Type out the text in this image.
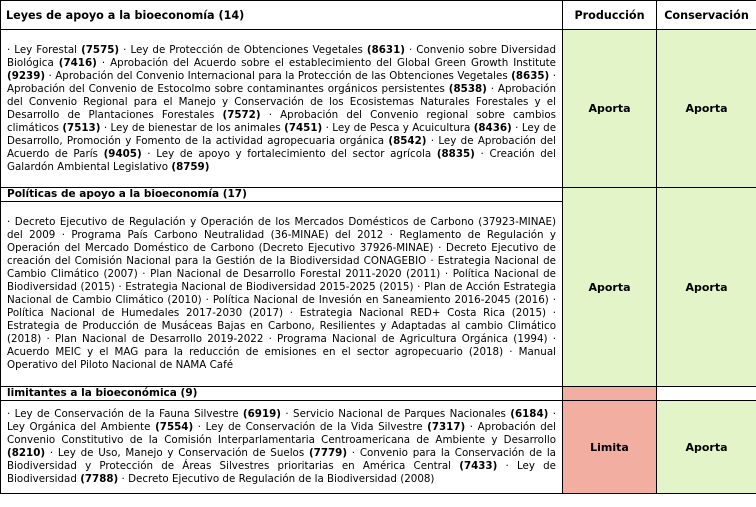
Leyes de apoyo a la bioeconomía (14)	Producción	Conservación
· Ley Forestal (7575) · Ley de Protección de Obtenciones Vegetales (8631) · Convenio sobre Diversidad Biológica (7416) · Aprobación del Acuerdo sobre el establecimiento del Global Green Growth Institute (9239) · Aprobación del Convenio Internacional para la Protección de las Obtenciones Vegetales (8635) · Aprobación del Convenio de Estocolmo sobre contaminantes orgánicos persistentes (8538) · Aprobación del Convenio Regional para el Manejo y Conservación de los Ecosistemas Naturales Forestales y el Desarrollo de Plantaciones Forestales (7572) · Aprobación del Convenio regional sobre cambios climáticos (7513) · Ley de bienestar de los animales (7451) · Ley de Pesca y Acuicultura (8436) · Ley de Desarrollo, Promoción y Fomento de la actividad agropecuaria orgánica (8542) · Ley de Aprobación del Acuerdo de París (9405) · Ley de apoyo y fortalecimiento del sector agrícola (8835) · Creación del Galardón Ambiental Legislativo (8759)	Aporta	Aporta
Políticas de apoyo a la bioeconomía (17)	Aporta	Aporta
· Decreto Ejecutivo de Regulación y Operación de los Mercados Domésticos de Carbono (37923-MINAE) del 2009 · Programa País Carbono Neutralidad (36-MINAE) del 2012 · Reglamento de Regulación y Operación del Mercado Doméstico de Carbono (Decreto Ejecutivo 37926-MINAE) · Decreto Ejecutivo de creación del Comisión Nacional para la Gestión de la Biodiversidad CONAGEBIO · Estrategia Nacional de Cambio Climático (2007) · Plan Nacional de Desarrollo Forestal 2011-2020 (2011) · Política Nacional de Biodiversidad (2015) · Estrategia Nacional de Biodiversidad 2015-2025 (2015) · Plan de Acción Estrategia Nacional de Cambio Climático (2010) · Política Nacional de Invesión en Saneamiento 2016-2045 (2016) · Política Nacional de Humedales 2017-2030 (2017) · Estrategia Nacional RED+ Costa Rica (2015) · Estrategia de Producción de Musáceas Bajas en Carbono, Resilientes y Adaptadas al cambio Climático (2018) · Plan Nacional de Desarrollo 2019-2022 · Programa Nacional de Agricultura Orgánica (1994) · Acuerdo MEIC y el MAG para la reducción de emisiones en el sector agropecuario (2018) · Manual Operativo del Piloto Nacional de NAMA Café		
limitantes a la bioeconómica (9)		
· Ley de Conservación de la Fauna Silvestre (6919) · Servicio Nacional de Parques Nacionales (6184) · Ley Orgánica del Ambiente (7554) · Ley de Conservación de la Vida Silvestre (7317) · Aprobación del Convenio Constitutivo de la Comisión Interparlamentaria Centroamericana de Ambiente y Desarrollo (8210) · Ley de Uso, Manejo y Conservación de Suelos (7779) · Convenio para la Conservación de la Biodiversidad y Protección de Áreas Silvestres prioritarias en América Central (7433) · Ley de Biodiversidad (7788) · Decreto Ejecutivo de Regulación de la Biodiversidad (2008)	Limita	Aporta
